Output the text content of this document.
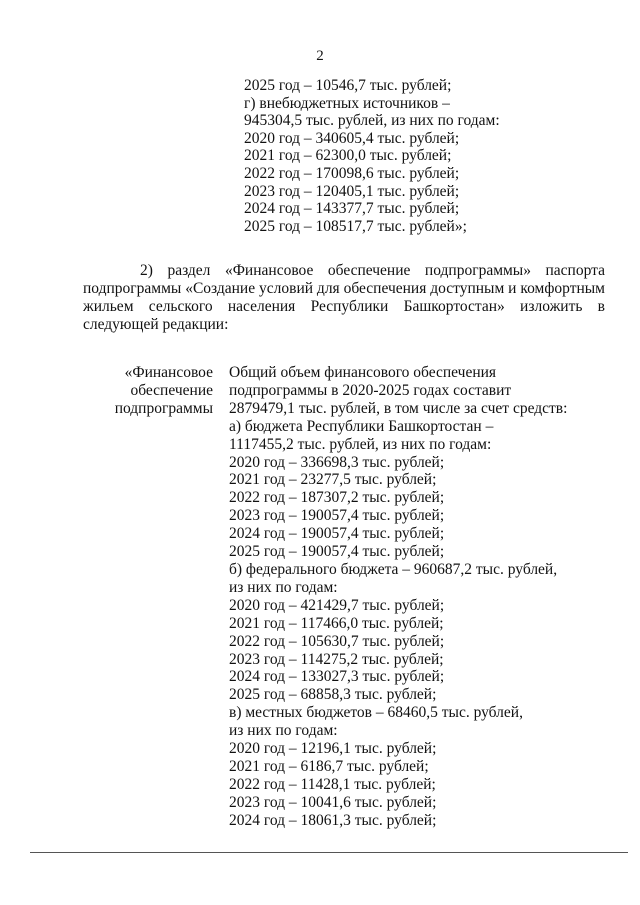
2
2025 год – 10546,7 тыс. рублей;
г) внебюджетных источников –
945304,5 тыс. рублей, из них по годам:
2020 год – 340605,4 тыс. рублей;
2021 год – 62300,0 тыс. рублей;
2022 год – 170098,6 тыс. рублей;
2023 год – 120405,1 тыс. рублей;
2024 год – 143377,7 тыс. рублей;
2025 год – 108517,7 тыс. рублей»;
2) раздел «Финансовое обеспечение подпрограммы» паспорта подпрограммы «Создание условий для обеспечения доступным и комфортным жильем сельского населения Республики Башкортостан» изложить в следующей редакции:
«Финансовое
обеспечение
подпрограммы
Общий объем финансового обеспечения
подпрограммы в 2020-2025 годах составит
2879479,1 тыс. рублей, в том числе за счет средств:
а) бюджета Республики Башкортостан –
1117455,2 тыс. рублей, из них по годам:
2020 год – 336698,3 тыс. рублей;
2021 год – 23277,5 тыс. рублей;
2022 год – 187307,2 тыс. рублей;
2023 год – 190057,4 тыс. рублей;
2024 год – 190057,4 тыс. рублей;
2025 год – 190057,4 тыс. рублей;
б) федерального бюджета – 960687,2 тыс. рублей,
из них по годам:
2020 год – 421429,7 тыс. рублей;
2021 год – 117466,0 тыс. рублей;
2022 год – 105630,7 тыс. рублей;
2023 год – 114275,2 тыс. рублей;
2024 год – 133027,3 тыс. рублей;
2025 год – 68858,3 тыс. рублей;
в) местных бюджетов – 68460,5 тыс. рублей,
из них по годам:
2020 год – 12196,1 тыс. рублей;
2021 год – 6186,7 тыс. рублей;
2022 год – 11428,1 тыс. рублей;
2023 год – 10041,6 тыс. рублей;
2024 год – 18061,3 тыс. рублей;
